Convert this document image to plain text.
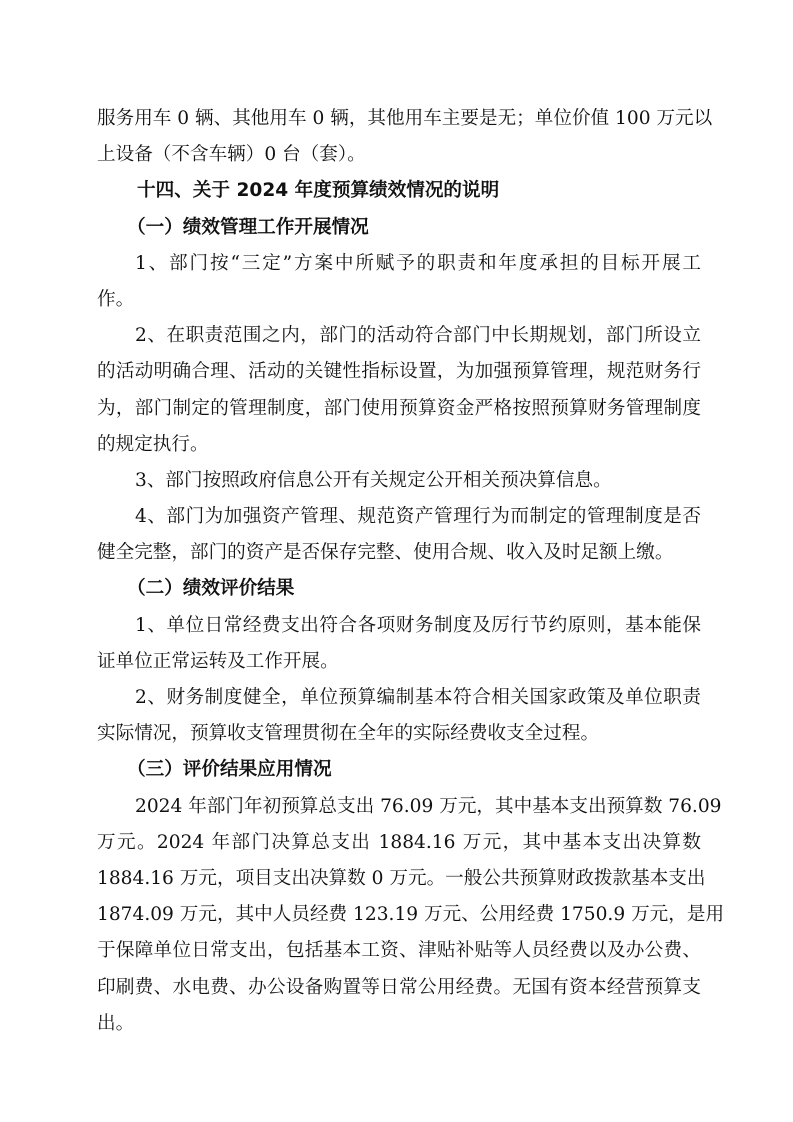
服务用车 0 辆、其他用车 0 辆，其他用车主要是无；单位价值 100 万元以
上设备（不含车辆）0 台（套）。
十四、关于 2024 年度预算绩效情况的说明
（一）绩效管理工作开展情况
1、部门按“三定”方案中所赋予的职责和年度承担的目标开展工
作。
2、在职责范围之内，部门的活动符合部门中长期规划，部门所设立
的活动明确合理、活动的关键性指标设置，为加强预算管理，规范财务行
为，部门制定的管理制度，部门使用预算资金严格按照预算财务管理制度
的规定执行。
3、部门按照政府信息公开有关规定公开相关预决算信息。
4、部门为加强资产管理、规范资产管理行为而制定的管理制度是否
健全完整，部门的资产是否保存完整、使用合规、收入及时足额上缴。
（二）绩效评价结果
1、单位日常经费支出符合各项财务制度及厉行节约原则，基本能保
证单位正常运转及工作开展。
2、财务制度健全，单位预算编制基本符合相关国家政策及单位职责
实际情况，预算收支管理贯彻在全年的实际经费收支全过程。
（三）评价结果应用情况
2024 年部门年初预算总支出 76.09 万元，其中基本支出预算数 76.09
万元。2024 年部门决算总支出 1884.16 万元，其中基本支出决算数
1884.16 万元，项目支出决算数 0 万元。一般公共预算财政拨款基本支出
1874.09 万元，其中人员经费 123.19 万元、公用经费 1750.9 万元，是用
于保障单位日常支出，包括基本工资、津贴补贴等人员经费以及办公费、
印刷费、水电费、办公设备购置等日常公用经费。无国有资本经营预算支
出。
